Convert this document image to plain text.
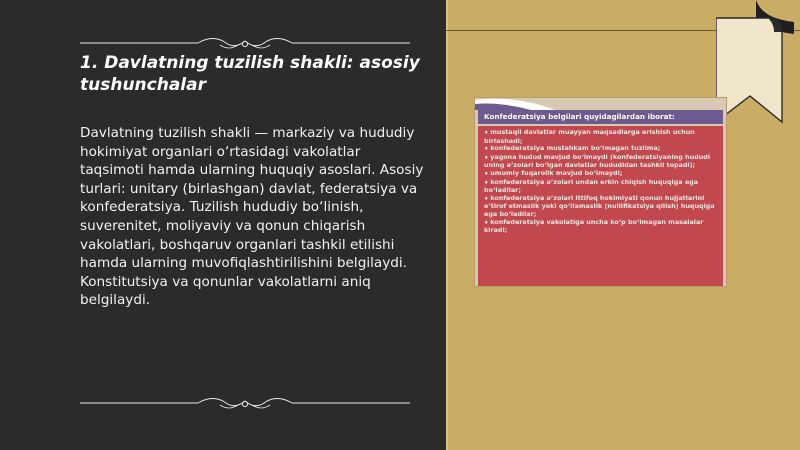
1. Davlatning tuzilish shakli: asosiy tushunchalar

Davlatning tuzilish shakli — markaziy va hududiy hokimiyat organlari o‘rtasidagi vakolatlar taqsimoti hamda ularning huquqiy asoslari. Asosiy turlari: unitary (birlashgan) davlat, federatsiya va konfederatsiya. Tuzilish hududiy bo‘linish, suverenitet, moliyaviy va qonun chiqarish vakolatlari, boshqaruv organlari tashkil etilishi hamda ularning muvofiqlashtirilishini belgilaydi. Konstitutsiya va qonunlar vakolatlarni aniq belgilaydi.

Konfederatsiya belgilari quyidagilardan iborat:
♦ mustaqil davlatlar muayyan maqsadlarga erishish uchun birlashadi;
♦ konfederatsiya mustahkam bo‘lmagan tuzilma;
♦ yagona hudud mavjud bo‘lmaydi (konfederatsiyaning hududi uning a’zolari bo‘lgan davlatlar hududidan tashkil topadi);
♦ umumiy fuqarolik mavjud bo‘lmaydi;
♦ konfederatsiya a’zolari undan erkin chiqish huquqiga ega bo‘ladilar;
♦ konfederatsiya a’zolari ittifoq hokimiyati qonun hujjatlarini e’tirof etmaslik yoki qo‘llamaslik (nullifikatsiya qilish) huquqiga ega bo‘ladilar;
♦ konfederatsiya vakolatiga uncha ko‘p bo‘lmagan masalalar kiradi;
